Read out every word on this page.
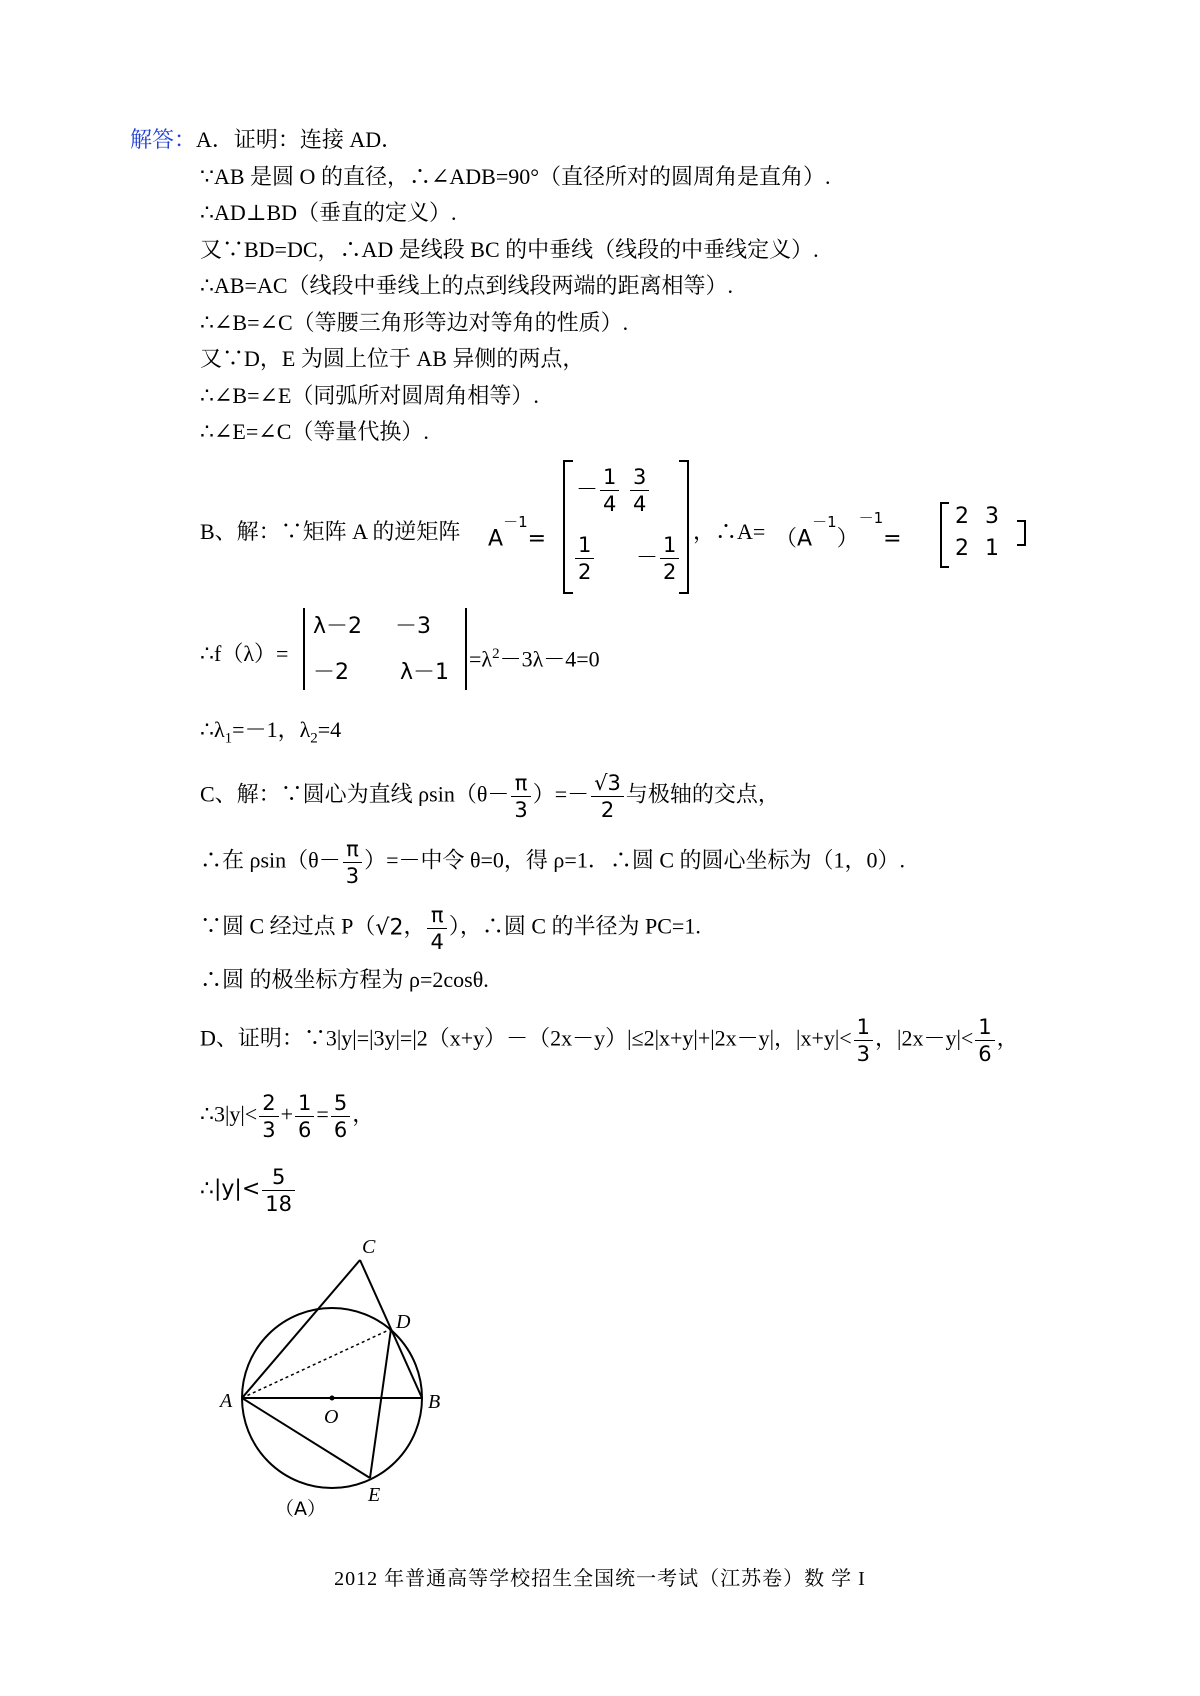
解答：A．证明：连接 AD．
∵AB 是圆 O 的直径，∴∠ADB=90°（直径所对的圆周角是直角）.
∴AD⊥BD（垂直的定义）.
又∵BD=DC，∴AD 是线段 BC 的中垂线（线段的中垂线定义）.
∴AB=AC（线段中垂线上的点到线段两端的距离相等）.
∴∠B=∠C（等腰三角形等边对等角的性质）.
又∵D，E 为圆上位于 AB 异侧的两点，
∴∠B=∠E（同弧所对圆周角相等）.
∴∠E=∠C（等量代换）.
B、解：∵矩阵 A 的逆矩阵 $A^{-1}=$
－ $\frac{1}{4} \frac{3}{4}$
$\frac{1}{2} - \frac{1}{2}$
，∴A= $(A^{-1})^{-1}=$
2 3
2 1
∴f（λ）=
λ－2 －3
－2 λ－1
$=\lambda^2-3\lambda-4=0$
$\therefore\lambda_1=-1$，$\lambda_2=4$
C、解：∵圆心为直线 $\rho\sin(\theta- \frac{\pi}{3}$ ）=－ $\frac{√3}{2}$ 与极轴的交点，
∴在 $\rho\sin(\theta- \frac{\pi}{3}$ ）=－中令 θ=0，得 ρ=1．∴圆 C 的圆心坐标为（1，0）.
∵圆 C 经过点 P（√2， $\frac{\pi}{4}$ ），∴圆 C 的半径为 PC=1.
∴圆 的极坐标方程为 ρ=2cosθ.
D、证明：∵3|y|=|3y|=|2（x+y）－（2x－y）|≤2|x+y|+|2x－y|，$|x+y|< \frac{1}{3}$ ，$|2x-y|< \frac{1}{6}$ ，
∴3|y|< $\frac{2}{3} + \frac{1}{6} = \frac{5}{6}$ ，
∴|y|< $\frac{5}{18}$
C
D
A
O
B
E
（A）
2012 年普通高等学校招生全国统一考试（江苏卷）数 学 I
